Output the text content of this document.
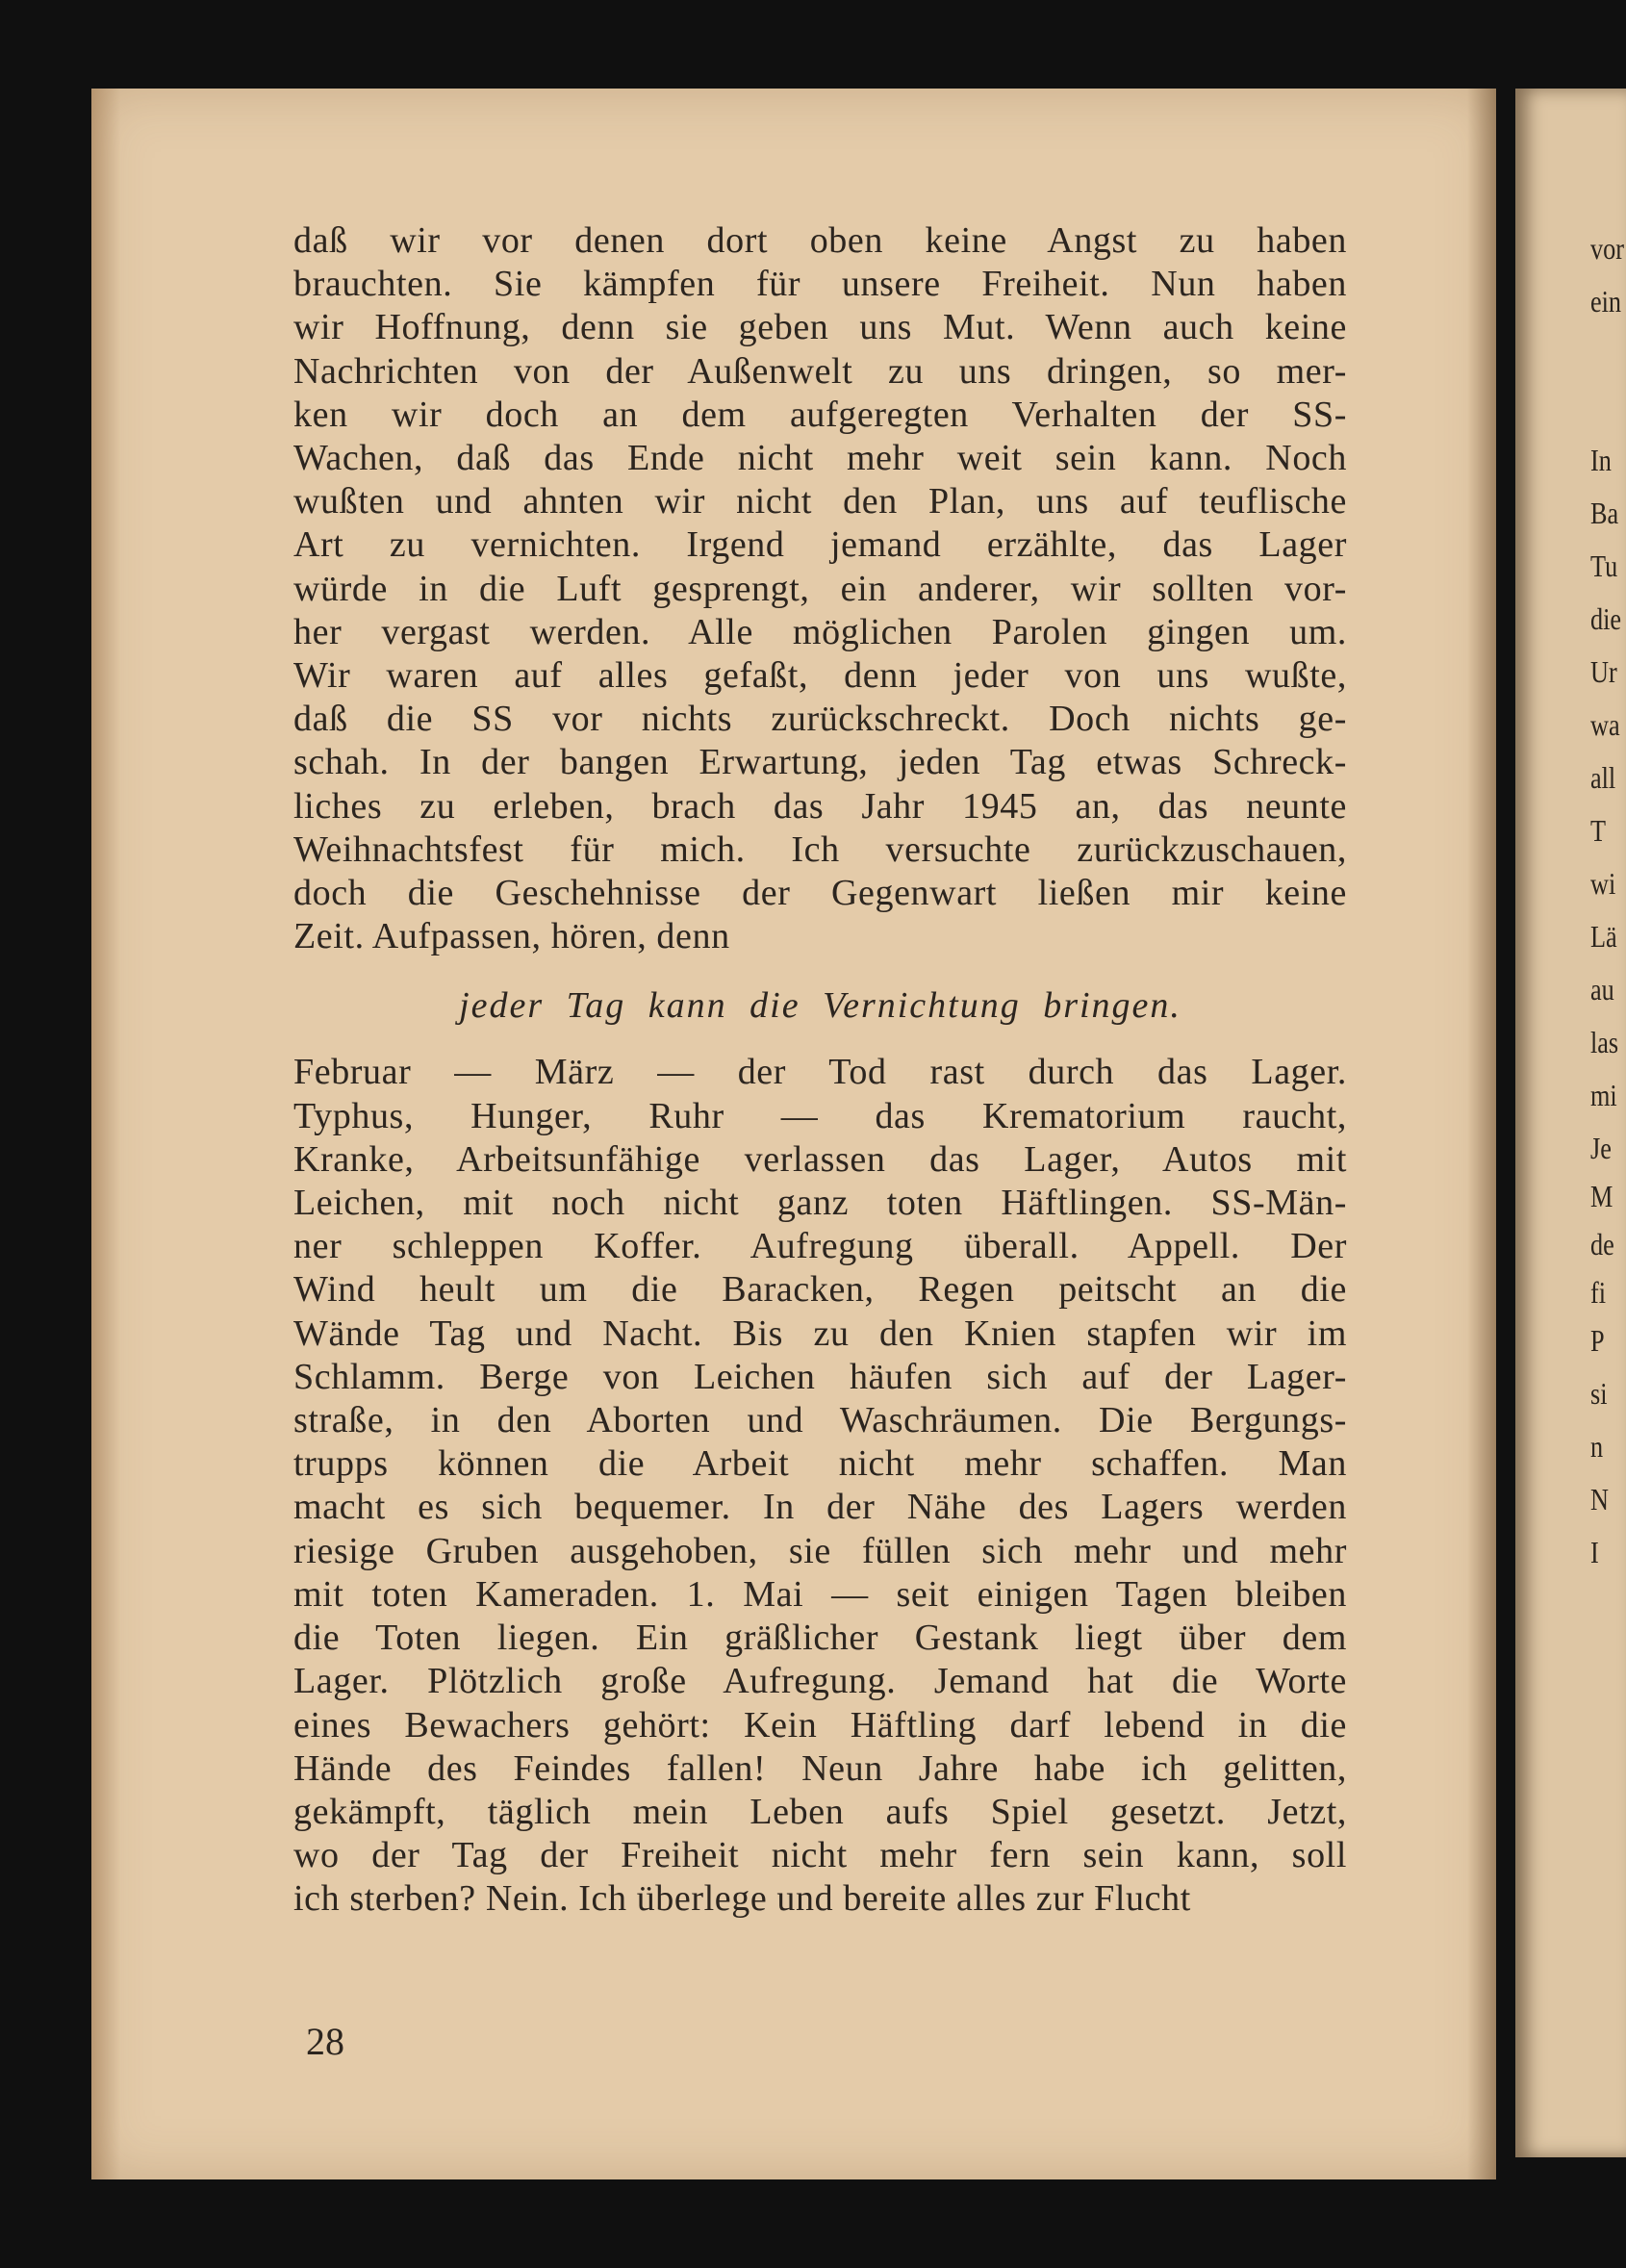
vor
ein
In
Ba
Tu
die
Ur
wa
all
T
wi
Lä
au
las
mi
Je
M
de
fi
P
si
n
N
I
daß wir vor denen dort oben keine Angst zu haben
brauchten. Sie kämpfen für unsere Freiheit. Nun haben
wir Hoffnung, denn sie geben uns Mut. Wenn auch keine
Nachrichten von der Außenwelt zu uns dringen, so mer-
ken wir doch an dem aufgeregten Verhalten der SS-
Wachen, daß das Ende nicht mehr weit sein kann. Noch
wußten und ahnten wir nicht den Plan, uns auf teuflische
Art zu vernichten. Irgend jemand erzählte, das Lager
würde in die Luft gesprengt, ein anderer, wir sollten vor-
her vergast werden. Alle möglichen Parolen gingen um.
Wir waren auf alles gefaßt, denn jeder von uns wußte,
daß die SS vor nichts zurückschreckt. Doch nichts ge-
schah. In der bangen Erwartung, jeden Tag etwas Schreck-
liches zu erleben, brach das Jahr 1945 an, das neunte
Weihnachtsfest für mich. Ich versuchte zurückzuschauen,
doch die Geschehnisse der Gegenwart ließen mir keine
Zeit. Aufpassen, hören, denn
jeder Tag kann die Vernichtung bringen.
Februar — März — der Tod rast durch das Lager.
Typhus, Hunger, Ruhr — das Krematorium raucht,
Kranke, Arbeitsunfähige verlassen das Lager, Autos mit
Leichen, mit noch nicht ganz toten Häftlingen. SS-Män-
ner schleppen Koffer. Aufregung überall. Appell. Der
Wind heult um die Baracken, Regen peitscht an die
Wände Tag und Nacht. Bis zu den Knien stapfen wir im
Schlamm. Berge von Leichen häufen sich auf der Lager-
straße, in den Aborten und Waschräumen. Die Bergungs-
trupps können die Arbeit nicht mehr schaffen. Man
macht es sich bequemer. In der Nähe des Lagers werden
riesige Gruben ausgehoben, sie füllen sich mehr und mehr
mit toten Kameraden. 1. Mai — seit einigen Tagen bleiben
die Toten liegen. Ein gräßlicher Gestank liegt über dem
Lager. Plötzlich große Aufregung. Jemand hat die Worte
eines Bewachers gehört: Kein Häftling darf lebend in die
Hände des Feindes fallen! Neun Jahre habe ich gelitten,
gekämpft, täglich mein Leben aufs Spiel gesetzt. Jetzt,
wo der Tag der Freiheit nicht mehr fern sein kann, soll
ich sterben? Nein. Ich überlege und bereite alles zur Flucht
28
